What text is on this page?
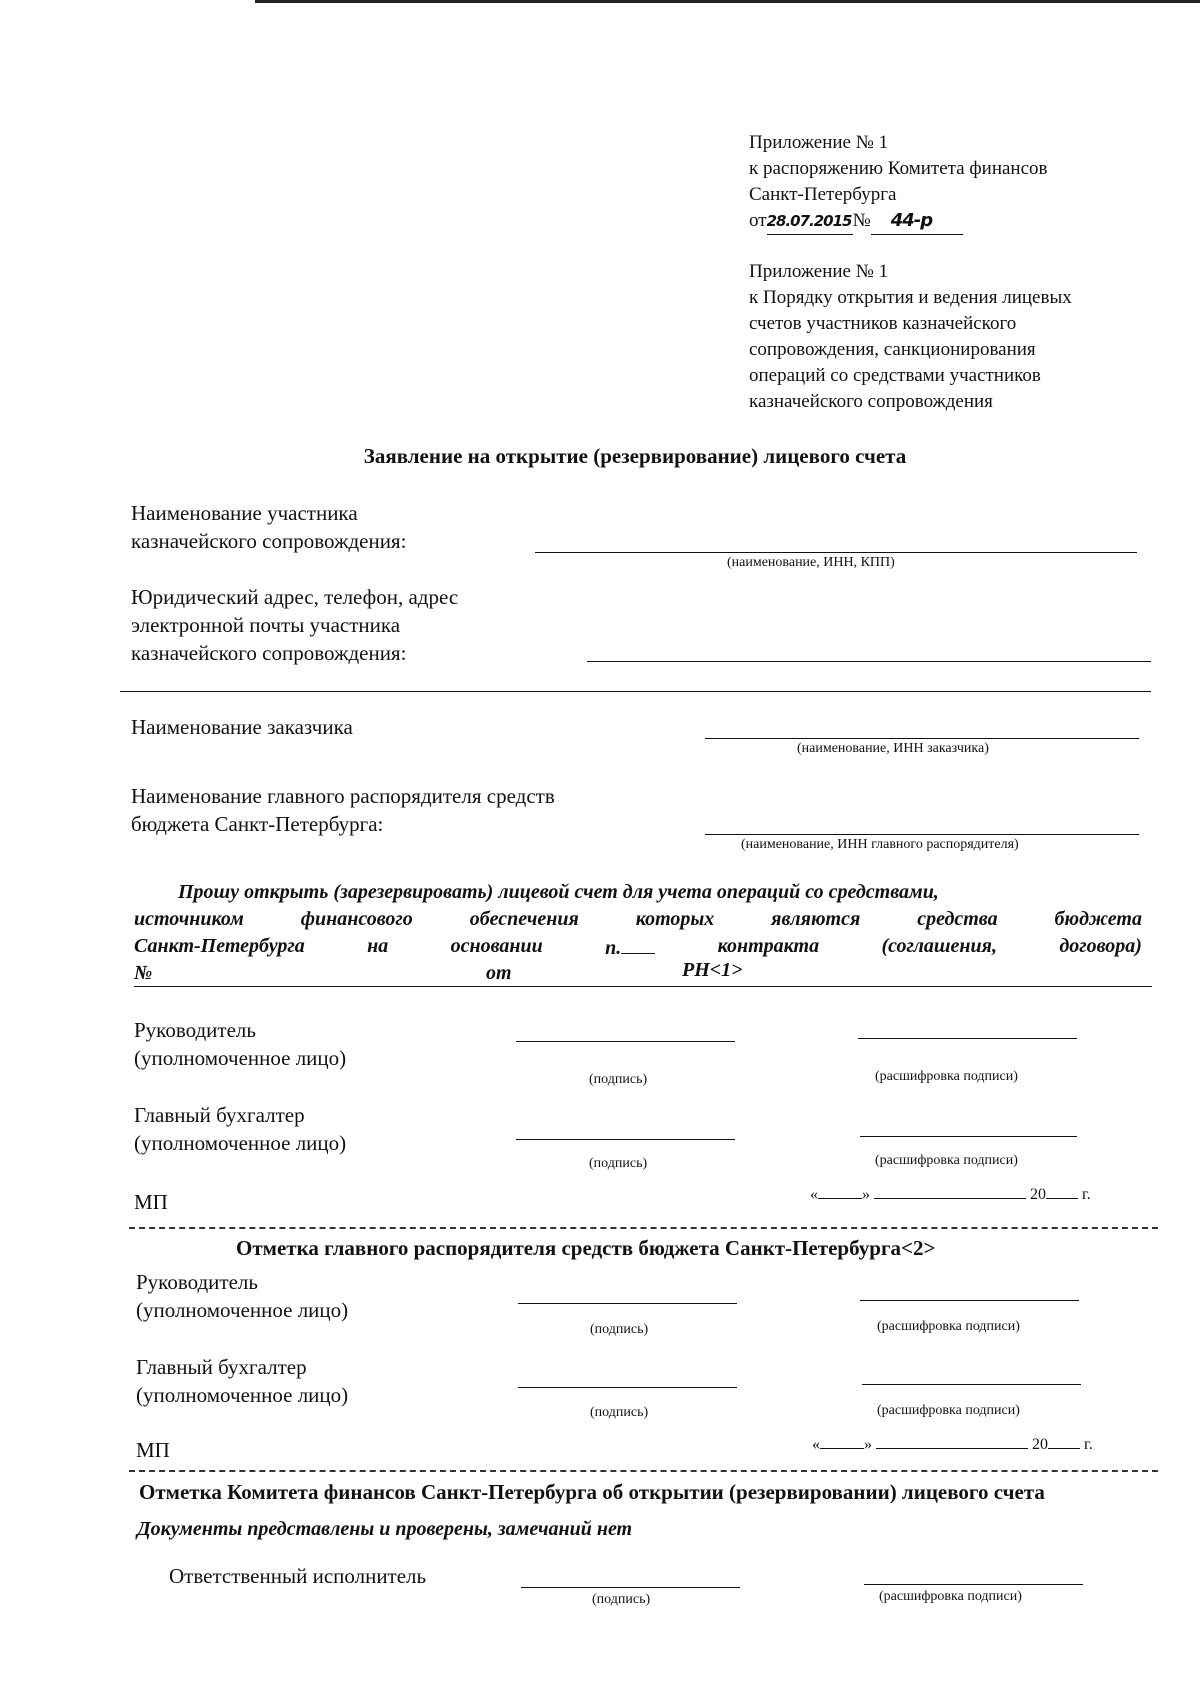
Приложение № 1
к распоряжению Комитета финансов
Санкт-Петербурга
от28.07.2015№ 44-р
Приложение № 1
к Порядку открытия и ведения лицевых
счетов участников казначейского
сопровождения, санкционирования
операций со средствами участников
казначейского сопровождения
Заявление на открытие (резервирование) лицевого счета
Наименование участника
казначейского сопровождения:
(наименование, ИНН, КПП)
Юридический адрес, телефон, адрес
электронной почты участника
казначейского сопровождения:
Наименование заказчика
(наименование, ИНН заказчика)
Наименование главного распорядителя средств
бюджета Санкт-Петербурга:
(наименование, ИНН главного распорядителя)
Прошу открыть (зарезервировать) лицевой счет для учета операций со средствами,
источником	финансового	обеспечения	которых	являются	средства	бюджета
Санкт-Петербурга	на	основании	п.	контракта	(соглашения,	договора)
№	от	РН<1>
Руководитель
(уполномоченное лицо)
(подпись)	(расшифровка подписи)
Главный бухгалтер
(уполномоченное лицо)
(подпись)	(расшифровка подписи)
МП	«	»	20 г.
Отметка главного распорядителя средств бюджета Санкт-Петербурга<2>
Руководитель
(уполномоченное лицо)
(подпись)	(расшифровка подписи)
Главный бухгалтер
(уполномоченное лицо)
(подпись)	(расшифровка подписи)
МП	«	»	20 г.
Отметка Комитета финансов Санкт-Петербурга об открытии (резервировании) лицевого счета
Документы представлены и проверены, замечаний нет
Ответственный исполнитель
(подпись)	(расшифровка подписи)
